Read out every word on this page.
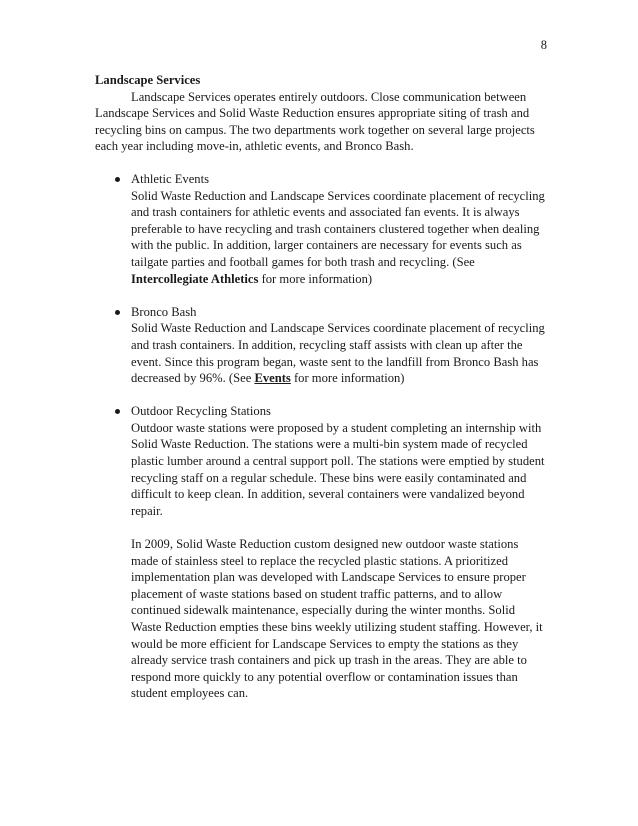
8

Landscape Services

Landscape Services operates entirely outdoors. Close communication between Landscape Services and Solid Waste Reduction ensures appropriate siting of trash and recycling bins on campus. The two departments work together on several large projects each year including move-in, athletic events, and Bronco Bash.

Athletic Events

Solid Waste Reduction and Landscape Services coordinate placement of recycling and trash containers for athletic events and associated fan events. It is always preferable to have recycling and trash containers clustered together when dealing with the public. In addition, larger containers are necessary for events such as tailgate parties and football games for both trash and recycling. (See Intercollegiate Athletics for more information)

Bronco Bash

Solid Waste Reduction and Landscape Services coordinate placement of recycling and trash containers. In addition, recycling staff assists with clean up after the event. Since this program began, waste sent to the landfill from Bronco Bash has decreased by 96%. (See Events for more information)

Outdoor Recycling Stations

Outdoor waste stations were proposed by a student completing an internship with Solid Waste Reduction. The stations were a multi-bin system made of recycled plastic lumber around a central support poll. The stations were emptied by student recycling staff on a regular schedule. These bins were easily contaminated and difficult to keep clean. In addition, several containers were vandalized beyond repair.

In 2009, Solid Waste Reduction custom designed new outdoor waste stations made of stainless steel to replace the recycled plastic stations. A prioritized implementation plan was developed with Landscape Services to ensure proper placement of waste stations based on student traffic patterns, and to allow continued sidewalk maintenance, especially during the winter months. Solid Waste Reduction empties these bins weekly utilizing student staffing. However, it would be more efficient for Landscape Services to empty the stations as they already service trash containers and pick up trash in the areas. They are able to respond more quickly to any potential overflow or contamination issues than student employees can.
